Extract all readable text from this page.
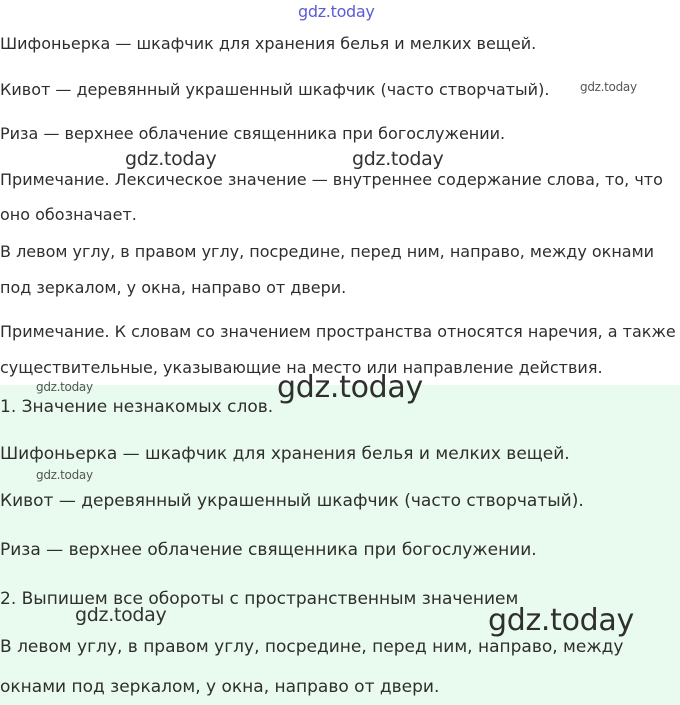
Шифоньерка — шкафчик для хранения белья и мелких вещей.
Кивот — деревянный украшенный шкафчик (часто створчатый).
Риза — верхнее облачение священника при богослужении.
Примечание. Лексическое значение — внутреннее содержание слова, то, что
оно обозначает.
В левом углу, в правом углу, посредине, перед ним, направо, между окнами
под зеркалом, у окна, направо от двери.
Примечание. К словам со значением пространства относятся наречия, а также
существительные, указывающие на место или направление действия.
1. Значение незнакомых слов.
Шифоньерка — шкафчик для хранения белья и мелких вещей.
Кивот — деревянный украшенный шкафчик (часто створчатый).
Риза — верхнее облачение священника при богослужении.
2. Выпишем все обороты с пространственным значением
В левом углу, в правом углу, посредине, перед ним, направо, между
окнами под зеркалом, у окна, направо от двери.
gdz.today
gdz.today
gdz.today	gdz.today
gdz.today	gdz.today
gdz.today
gdz.today	gdz.today
